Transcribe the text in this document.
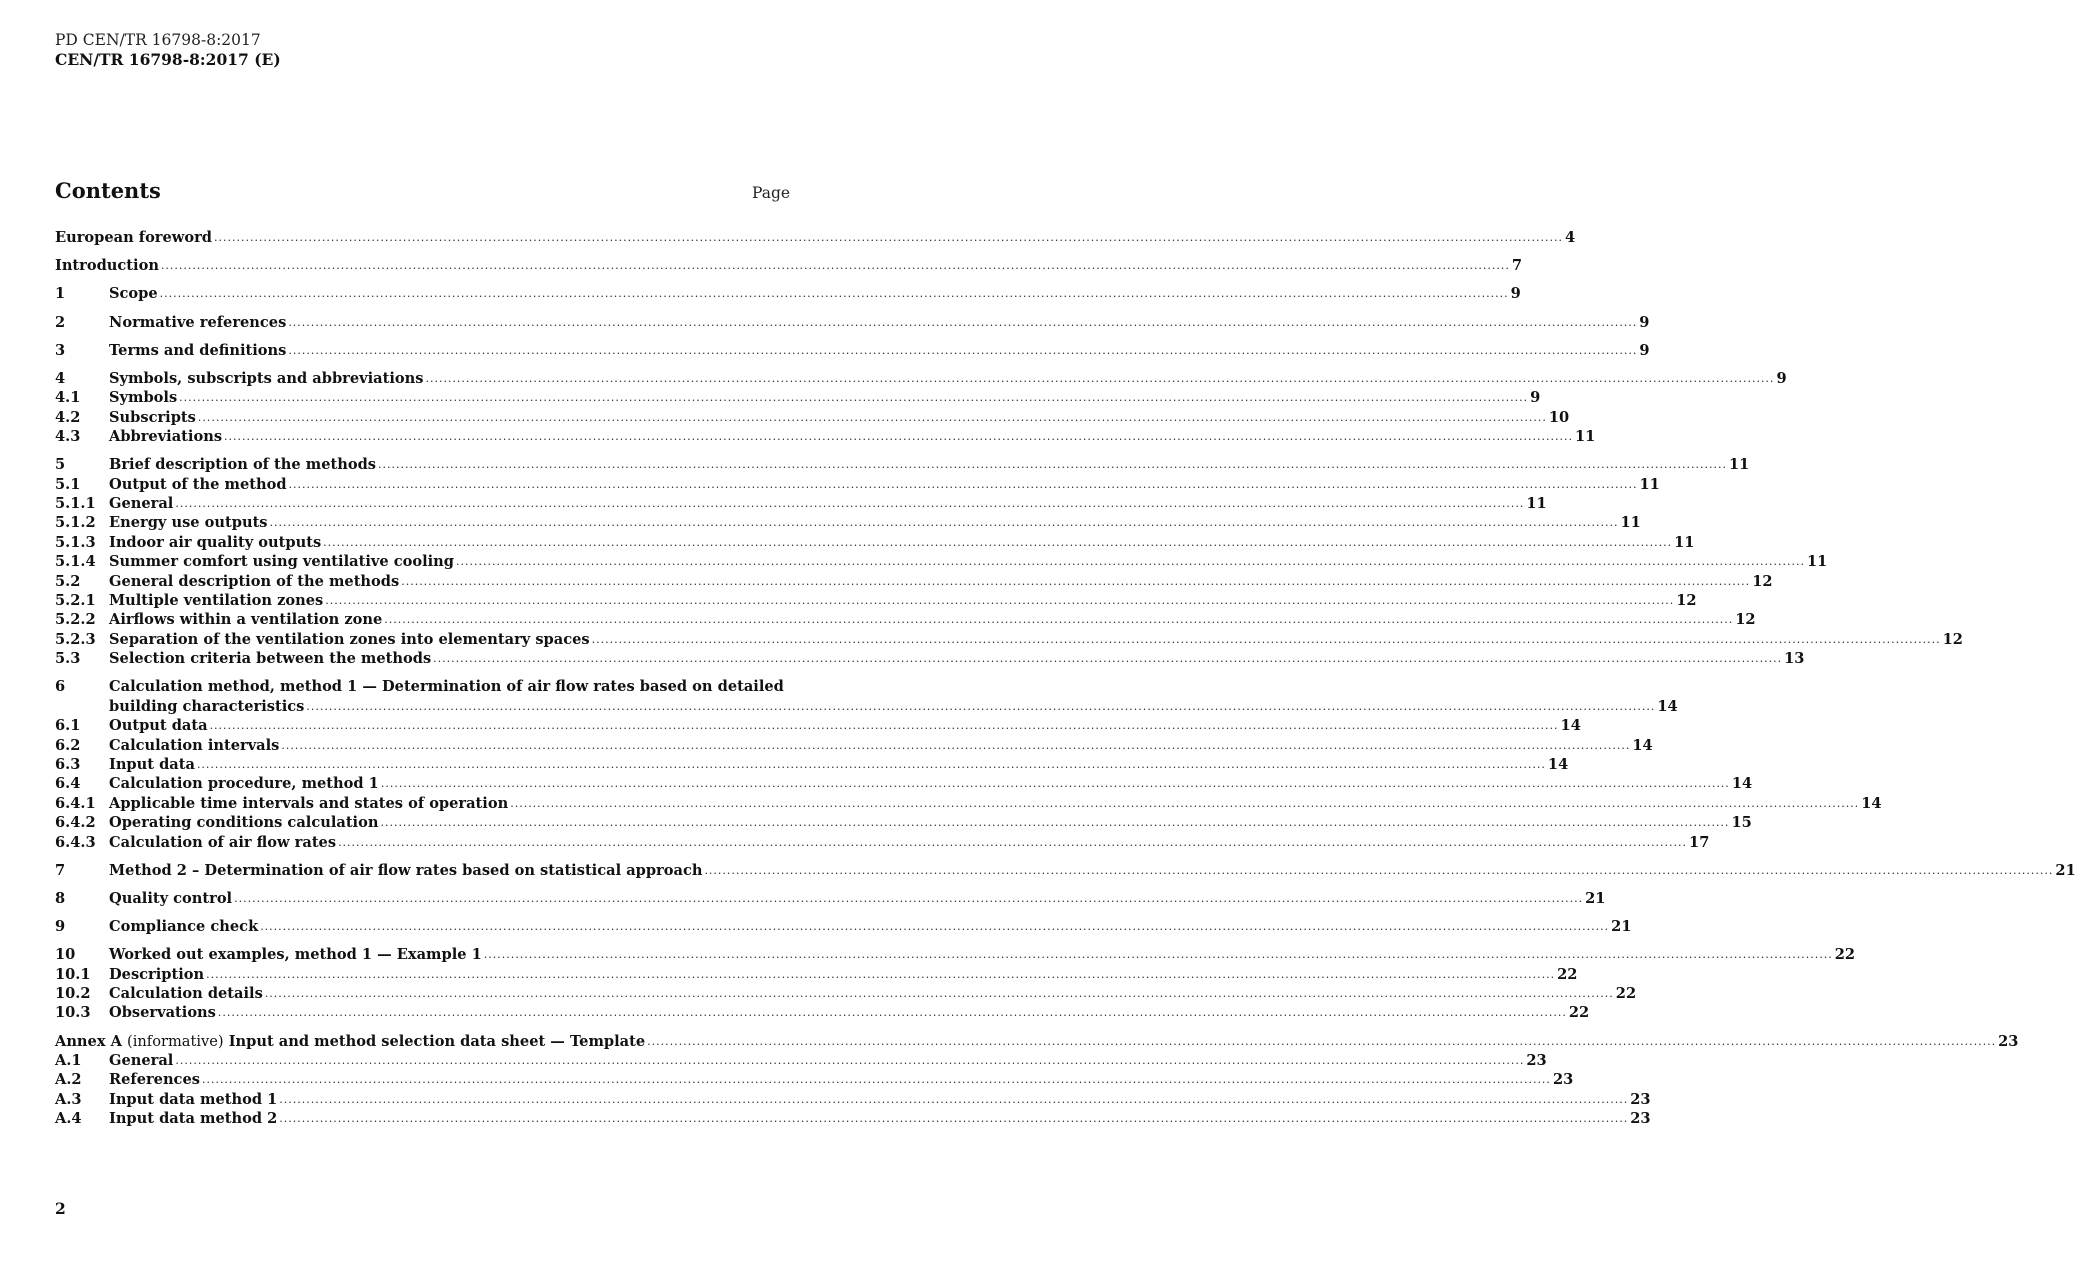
PD CEN/TR 16798-8:2017
CEN/TR 16798-8:2017 (E)
Contents	Page
European foreword ............................................................................................................................................................................................................................................................................................................ 4
Introduction ............................................................................................................................................................................................................................................................................................................ 7
1	Scope ............................................................................................................................................................................................................................................................................................................ 9
2	Normative references ............................................................................................................................................................................................................................................................................................................ 9
3	Terms and definitions ............................................................................................................................................................................................................................................................................................................ 9
4	Symbols, subscripts and abbreviations ............................................................................................................................................................................................................................................................................................................ 9
4.1 Symbols ............................................................................................................................................................................................................................................................................................................ 9
4.2 Subscripts ............................................................................................................................................................................................................................................................................................................ 10
4.3 Abbreviations ............................................................................................................................................................................................................................................................................................................ 11
5	Brief description of the methods ............................................................................................................................................................................................................................................................................................................ 11
5.1 Output of the method ............................................................................................................................................................................................................................................................................................................ 11
5.1.1 General ............................................................................................................................................................................................................................................................................................................ 11
5.1.2 Energy use outputs ............................................................................................................................................................................................................................................................................................................ 11
5.1.3 Indoor air quality outputs ............................................................................................................................................................................................................................................................................................................ 11
5.1.4 Summer comfort using ventilative cooling ............................................................................................................................................................................................................................................................................................................ 11
5.2 General description of the methods ............................................................................................................................................................................................................................................................................................................ 12
5.2.1 Multiple ventilation zones ............................................................................................................................................................................................................................................................................................................ 12
5.2.2 Airflows within a ventilation zone ............................................................................................................................................................................................................................................................................................................ 12
5.2.3 Separation of the ventilation zones into elementary spaces ............................................................................................................................................................................................................................................................................................................ 12
5.3 Selection criteria between the methods ............................................................................................................................................................................................................................................................................................................ 13
6	Calculation method, method 1 — Determination of air flow rates based on detailed
building characteristics ............................................................................................................................................................................................................................................................................................................ 14
6.1 Output data ............................................................................................................................................................................................................................................................................................................ 14
6.2 Calculation intervals ............................................................................................................................................................................................................................................................................................................ 14
6.3 Input data ............................................................................................................................................................................................................................................................................................................ 14
6.4 Calculation procedure, method 1 ............................................................................................................................................................................................................................................................................................................ 14
6.4.1 Applicable time intervals and states of operation ............................................................................................................................................................................................................................................................................................................ 14
6.4.2 Operating conditions calculation ............................................................................................................................................................................................................................................................................................................ 15
6.4.3 Calculation of air flow rates ............................................................................................................................................................................................................................................................................................................ 17
7	Method 2 – Determination of air flow rates based on statistical approach ............................................................................................................................................................................................................................................................................................................ 21
8	Quality control ............................................................................................................................................................................................................................................................................................................ 21
9	Compliance check ............................................................................................................................................................................................................................................................................................................ 21
10 Worked out examples, method 1 — Example 1 ............................................................................................................................................................................................................................................................................................................ 22
10.1 Description ............................................................................................................................................................................................................................................................................................................ 22
10.2 Calculation details ............................................................................................................................................................................................................................................................................................................ 22
10.3 Observations ............................................................................................................................................................................................................................................................................................................ 22
Annex A (informative) Input and method selection data sheet — Template ............................................................................................................................................................................................................................................................................................................ 23
A.1 General ............................................................................................................................................................................................................................................................................................................ 23
A.2 References ............................................................................................................................................................................................................................................................................................................ 23
A.3 Input data method 1 ............................................................................................................................................................................................................................................................................................................ 23
A.4 Input data method 2 ............................................................................................................................................................................................................................................................................................................ 23
2
